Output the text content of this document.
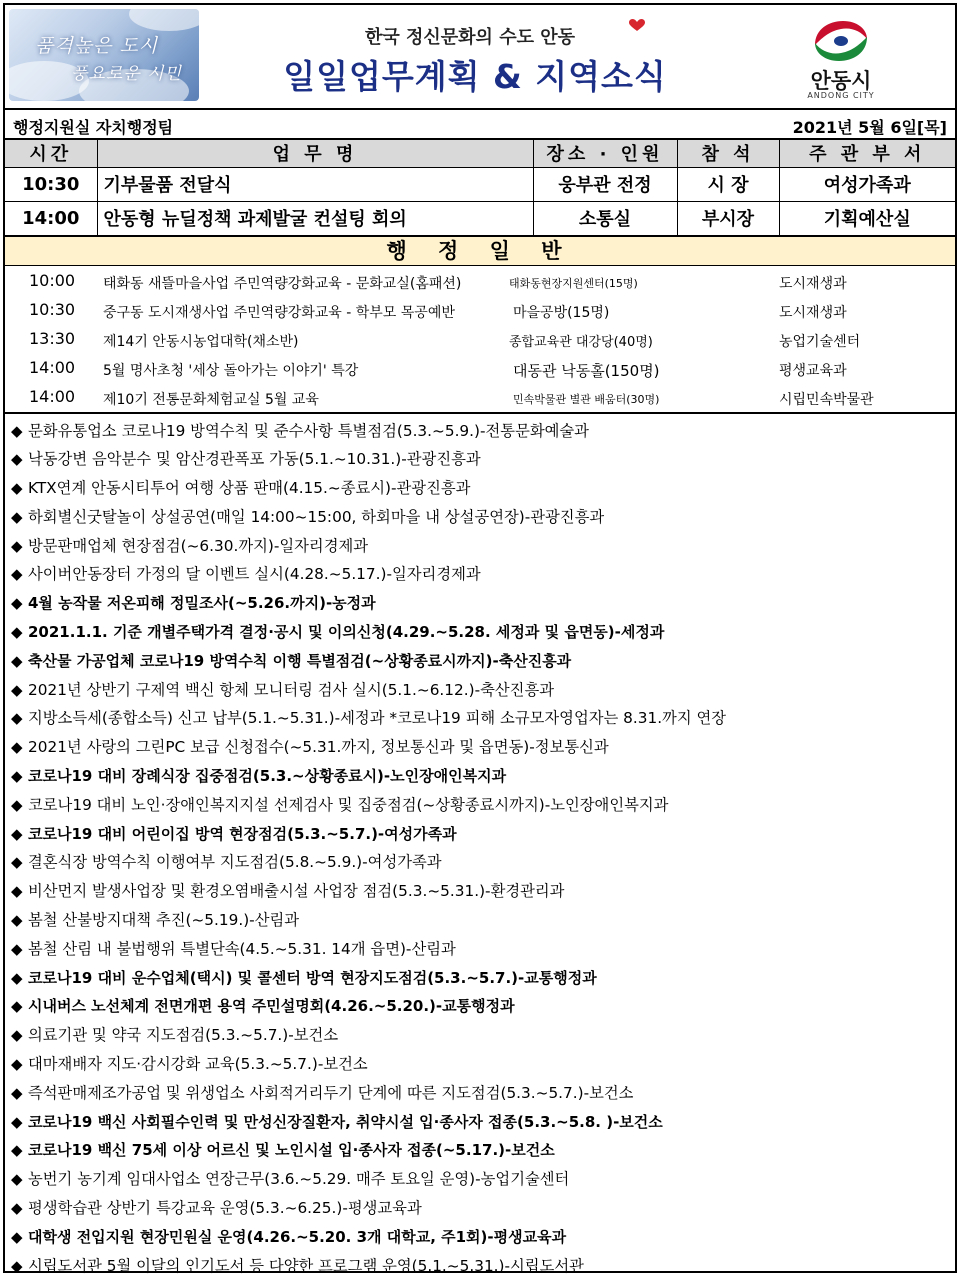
품격높은 도시
풍요로운 시민
한국 정신문화의 수도 안동
일일업무계획 & 지역소식	안동시
ANDONG CITY
행정지원실 자치행정팀	2021년 5월 6일[목]
시간	업 무 명	장소 · 인원	참 석	주 관 부 서
10:30	기부물품 전달식	웅부관 전정	시 장	여성가족과
14:00	안동형 뉴딜정책 과제발굴 컨설팅 회의	소통실	부시장	기획예산실
행 정 일 반
10:00 태화동 새뜰마을사업 주민역량강화교육 - 문화교실(홈패션)	태화동현장지원센터(15명)	도시재생과
10:30 중구동 도시재생사업 주민역량강화교육 - 학부모 목공예반	마을공방(15명)	도시재생과
13:30 제14기 안동시농업대학(채소반)	종합교육관 대강당(40명)	농업기술센터
14:00 5월 명사초청 '세상 돌아가는 이야기' 특강	대동관 낙동홀(150명)	평생교육과
14:00 제10기 전통문화체험교실 5월 교육	민속박물관 별관 배움터(30명)	시립민속박물관
◆ 문화유통업소 코로나19 방역수칙 및 준수사항 특별점검(5.3.~5.9.)-전통문화예술과
◆ 낙동강변 음악분수 및 암산경관폭포 가동(5.1.~10.31.)-관광진흥과
◆ KTX연계 안동시티투어 여행 상품 판매(4.15.~종료시)-관광진흥과
◆ 하회별신굿탈놀이 상설공연(매일 14:00~15:00, 하회마을 내 상설공연장)-관광진흥과
◆ 방문판매업체 현장점검(~6.30.까지)-일자리경제과
◆ 사이버안동장터 가정의 달 이벤트 실시(4.28.~5.17.)-일자리경제과
◆ 4월 농작물 저온피해 정밀조사(~5.26.까지)-농정과
◆ 2021.1.1. 기준 개별주택가격 결정·공시 및 이의신청(4.29.~5.28. 세정과 및 읍면동)-세정과
◆ 축산물 가공업체 코로나19 방역수칙 이행 특별점검(~상황종료시까지)-축산진흥과
◆ 2021년 상반기 구제역 백신 항체 모니터링 검사 실시(5.1.~6.12.)-축산진흥과
◆ 지방소득세(종합소득) 신고 납부(5.1.~5.31.)-세정과 *코로나19 피해 소규모자영업자는 8.31.까지 연장
◆ 2021년 사랑의 그린PC 보급 신청접수(~5.31.까지, 정보통신과 및 읍면동)-정보통신과
◆ 코로나19 대비 장례식장 집중점검(5.3.~상황종료시)-노인장애인복지과
◆ 코로나19 대비 노인·장애인복지지설 선제검사 및 집중점검(~상황종료시까지)-노인장애인복지과
◆ 코로나19 대비 어린이집 방역 현장점검(5.3.~5.7.)-여성가족과
◆ 결혼식장 방역수칙 이행여부 지도점검(5.8.~5.9.)-여성가족과
◆ 비산먼지 발생사업장 및 환경오염배출시설 사업장 점검(5.3.~5.31.)-환경관리과
◆ 봄철 산불방지대책 추진(~5.19.)-산림과
◆ 봄철 산림 내 불법행위 특별단속(4.5.~5.31. 14개 읍면)-산림과
◆ 코로나19 대비 운수업체(택시) 및 콜센터 방역 현장지도점검(5.3.~5.7.)-교통행정과
◆ 시내버스 노선체계 전면개편 용역 주민설명회(4.26.~5.20.)-교통행정과
◆ 의료기관 및 약국 지도점검(5.3.~5.7.)-보건소
◆ 대마재배자 지도·감시강화 교육(5.3.~5.7.)-보건소
◆ 즉석판매제조가공업 및 위생업소 사회적거리두기 단계에 따른 지도점검(5.3.~5.7.)-보건소
◆ 코로나19 백신 사회필수인력 및 만성신장질환자, 취약시설 입·종사자 접종(5.3.~5.8. )-보건소
◆ 코로나19 백신 75세 이상 어르신 및 노인시설 입·종사자 접종(~5.17.)-보건소
◆ 농번기 농기계 임대사업소 연장근무(3.6.~5.29. 매주 토요일 운영)-농업기술센터
◆ 평생학습관 상반기 특강교육 운영(5.3.~6.25.)-평생교육과
◆ 대학생 전입지원 현장민원실 운영(4.26.~5.20. 3개 대학교, 주1회)-평생교육과
◆ 시립도서관 5월 이달의 인기도서 등 다양한 프로그램 운영(5.1.~5.31.)-시립도서관
